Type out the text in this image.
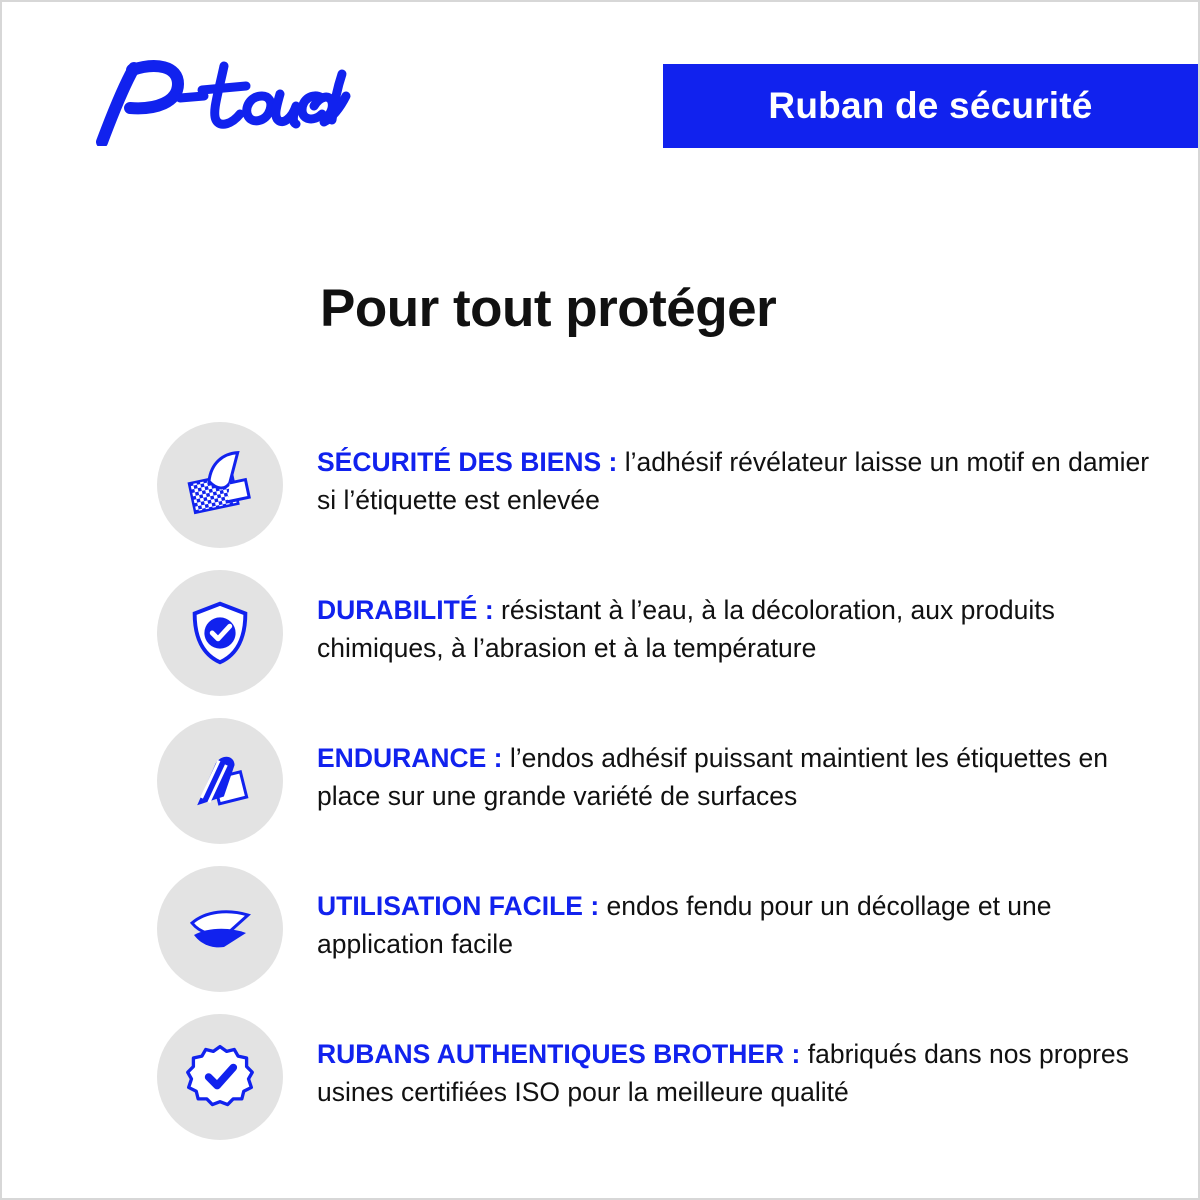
Ruban de sécurité
Pour tout protéger
SÉCURITÉ DES BIENS : l’adhésif révélateur laisse un motif en damier si l’étiquette est enlevée
DURABILITÉ : résistant à l’eau, à la décoloration, aux produits chimiques, à l’abrasion et à la température
ENDURANCE : l’endos adhésif puissant maintient les étiquettes en place sur une grande variété de surfaces
UTILISATION FACILE : endos fendu pour un décollage et une application facile
RUBANS AUTHENTIQUES BROTHER : fabriqués dans nos propres usines certifiées ISO pour la meilleure qualité
